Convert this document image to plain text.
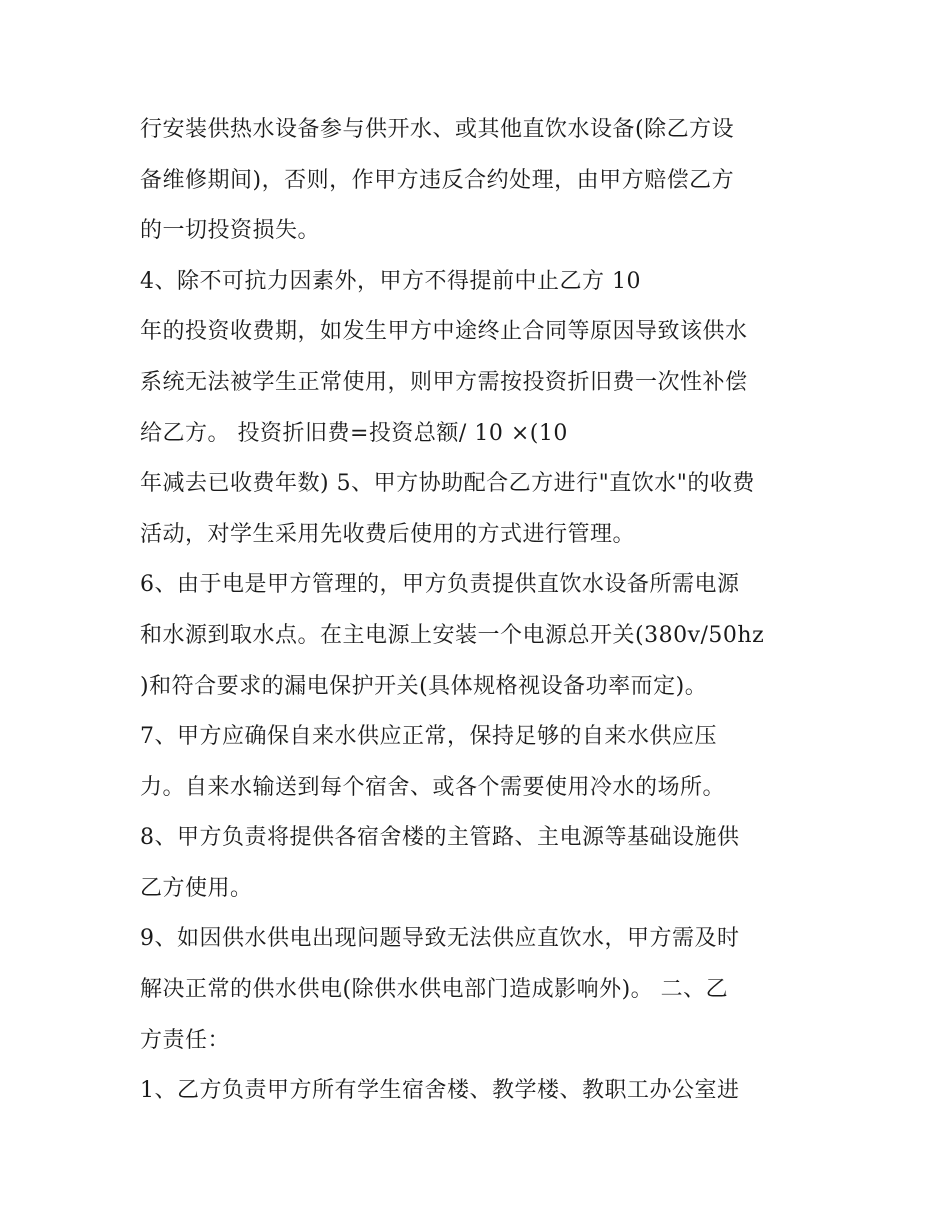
行安装供热水设备参与供开水、或其他直饮水设备(除乙方设
备维修期间)，否则，作甲方违反合约处理，由甲方赔偿乙方
的一切投资损失。
4、除不可抗力因素外，甲方不得提前中止乙方 10
年的投资收费期，如发生甲方中途终止合同等原因导致该供水
系统无法被学生正常使用，则甲方需按投资折旧费一次性补偿
给乙方。 投资折旧费=投资总额/ 10 ×(10
年减去已收费年数) 5、甲方协助配合乙方进行"直饮水"的收费
活动，对学生采用先收费后使用的方式进行管理。
6、由于电是甲方管理的，甲方负责提供直饮水设备所需电源
和水源到取水点。在主电源上安装一个电源总开关(380v/50hz
)和符合要求的漏电保护开关(具体规格视设备功率而定)。
7、甲方应确保自来水供应正常，保持足够的自来水供应压
力。自来水输送到每个宿舍、或各个需要使用冷水的场所。
8、甲方负责将提供各宿舍楼的主管路、主电源等基础设施供
乙方使用。
9、如因供水供电出现问题导致无法供应直饮水，甲方需及时
解决正常的供水供电(除供水供电部门造成影响外)。 二、乙
方责任：
1、乙方负责甲方所有学生宿舍楼、教学楼、教职工办公室进
